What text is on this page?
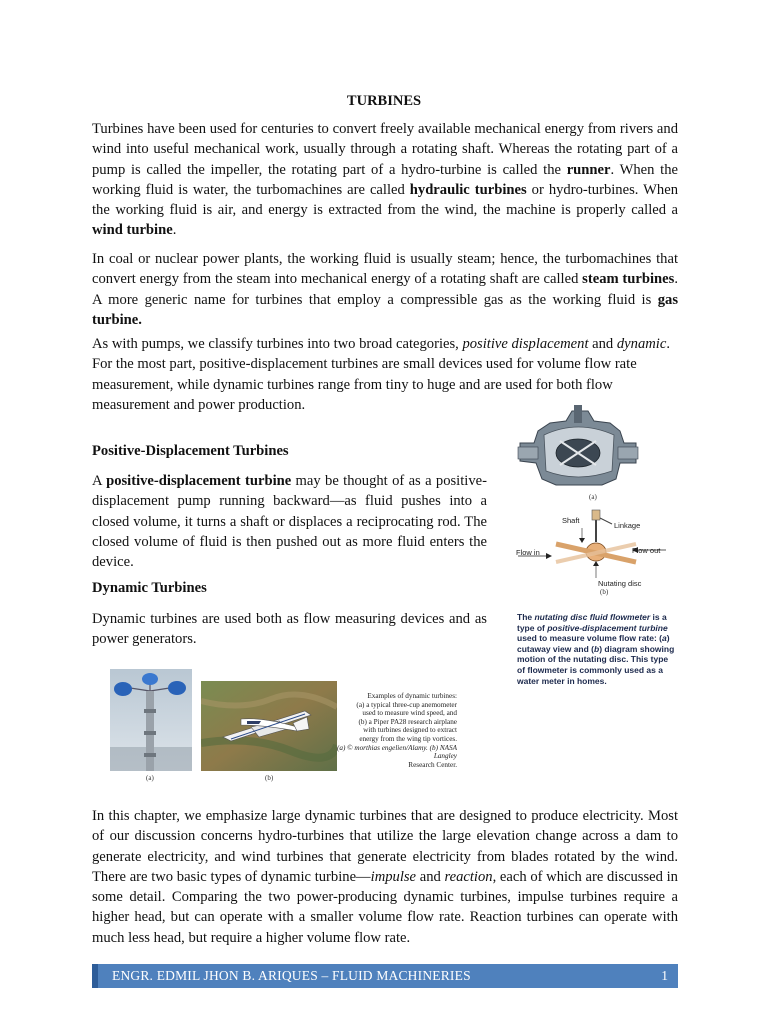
TURBINES

Turbines have been used for centuries to convert freely available mechanical energy from rivers and wind into useful mechanical work, usually through a rotating shaft. Whereas the rotating part of a pump is called the impeller, the rotating part of a hydro-turbine is called the runner. When the working fluid is water, the turbomachines are called hydraulic turbines or hydro-turbines. When the working fluid is air, and energy is extracted from the wind, the machine is properly called a wind turbine.

In coal or nuclear power plants, the working fluid is usually steam; hence, the turbomachines that convert energy from the steam into mechanical energy of a rotating shaft are called steam turbines. A more generic name for turbines that employ a compressible gas as the working fluid is gas turbine.

As with pumps, we classify turbines into two broad categories, positive displacement and dynamic. For the most part, positive-displacement turbines are small devices used for volume flow rate measurement, while dynamic turbines range from tiny to huge and are used for both flow measurement and power production.

Positive-Displacement Turbines

A positive-displacement turbine may be thought of as a positive-displacement pump running backward—as fluid pushes into a closed volume, it turns a shaft or displaces a reciprocating rod. The closed volume of fluid is then pushed out as more fluid enters the device.

Dynamic Turbines

Dynamic turbines are used both as flow measuring devices and as power generators.

(a)
Shaft
Linkage
Flow in	Flow out
Nutating disc
(b)
The nutating disc fluid flowmeter is a type of positive-displacement turbine used to measure volume flow rate: (a) cutaway view and (b) diagram showing motion of the nutating disc. This type of flowmeter is commonly used as a water meter in homes.
(a)	(b)
Examples of dynamic turbines:
(a) a typical three-cup anemometer
used to measure wind speed, and
(b) a Piper PA28 research airplane
with turbines designed to extract
energy from the wing tip vortices.
(a) © morthias engelien/Alamy. (b) NASA Langley
Research Center.

In this chapter, we emphasize large dynamic turbines that are designed to produce electricity. Most of our discussion concerns hydro-turbines that utilize the large elevation change across a dam to generate electricity, and wind turbines that generate electricity from blades rotated by the wind. There are two basic types of dynamic turbine—impulse and reaction, each of which are discussed in some detail. Comparing the two power-producing dynamic turbines, impulse turbines require a higher head, but can operate with a smaller volume flow rate. Reaction turbines can operate with much less head, but require a higher volume flow rate.

ENGR. EDMIL JHON B. ARIQUES – FLUID MACHINERIES	1
